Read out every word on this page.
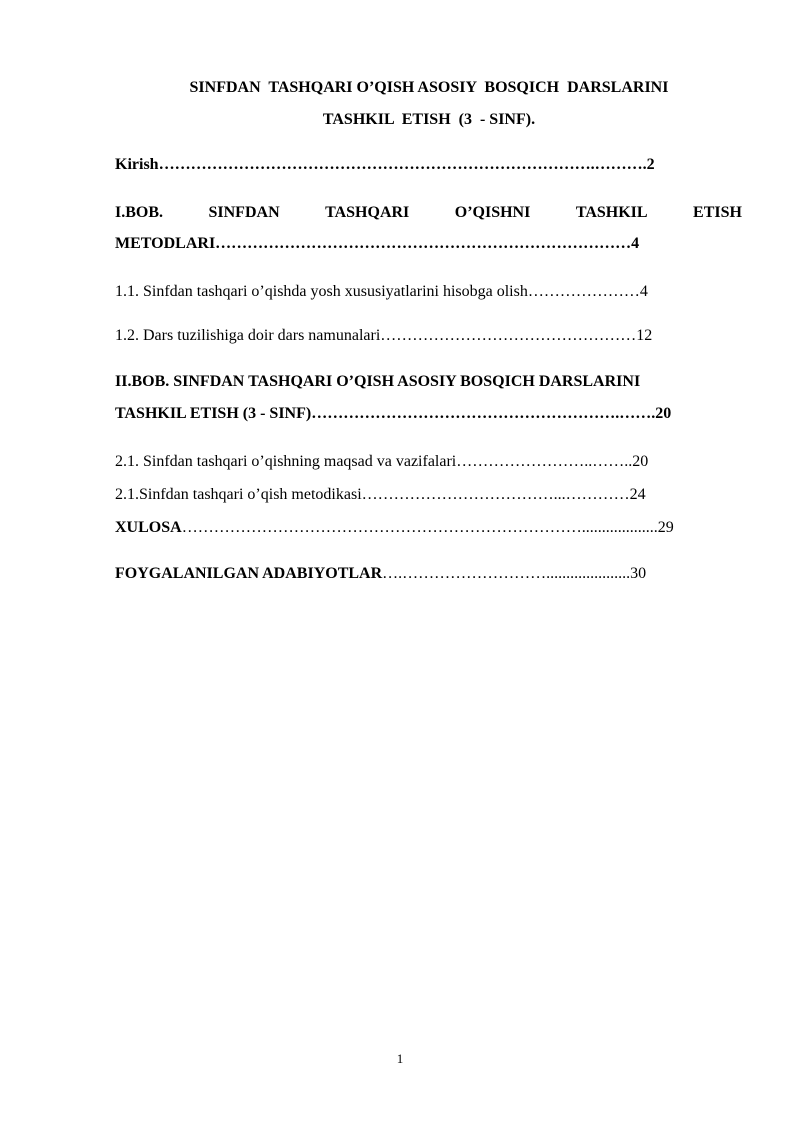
SINFDAN  TASHQARI O’QISH ASOSIY  BOSQICH  DARSLARINI
TASHKIL  ETISH  (3  - SINF).
Kirish……………………………………………………………………….……….2
I.BOB.	SINFDAN	TASHQARI	O’QISHNI	TASHKIL	ETISH
METODLARI……………………………………………………………………4
1.1. Sinfdan tashqari o’qishda yosh xususiyatlarini hisobga olish…………………4
1.2. Dars tuzilishiga doir dars namunalari…………………………………………12
II.BOB. SINFDAN TASHQARI O’QISH ASOSIY BOSQICH DARSLARINI
TASHKIL ETISH (3 - SINF)………………………………………………….…….20
2.1. Sinfdan tashqari o’qishning maqsad va vazifalari……………………..……..20
2.1.Sinfdan tashqari o’qish metodikasi………………………………...…………24
XULOSA…………………………………………………………………...................29
FOYGALANILGAN ADABIYOTLAR….……………………….....................30
1
